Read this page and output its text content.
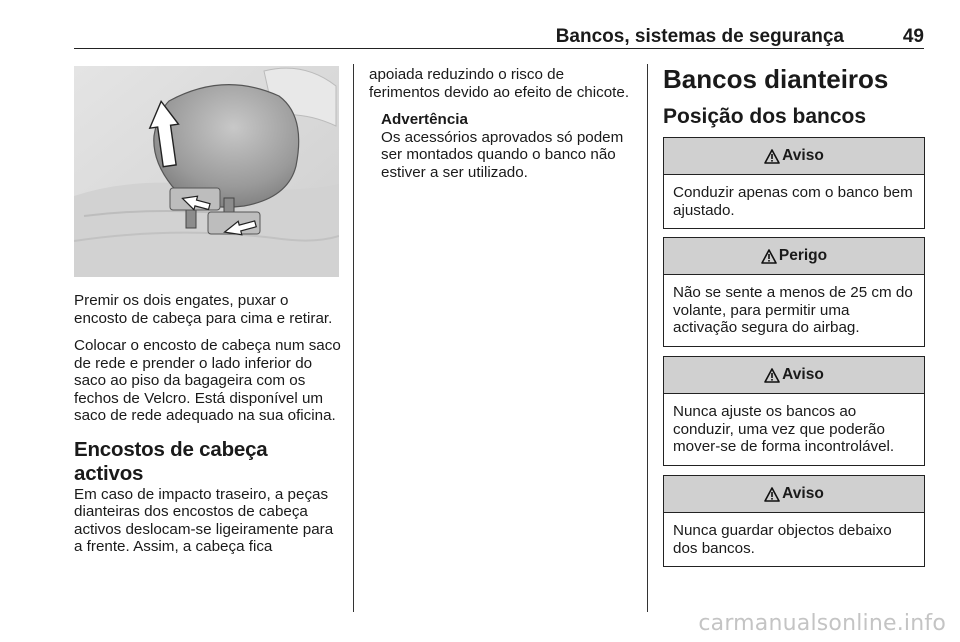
Bancos, sistemas de segurança	49

Premir os dois engates, puxar o encosto de cabeça para cima e retirar.

Colocar o encosto de cabeça num saco de rede e prender o lado inferior do saco ao piso da bagageira com os fechos de Velcro. Está disponível um saco de rede adequado na sua oficina.

Encostos de cabeça activos

Em caso de impacto traseiro, a peças dianteiras dos encostos de cabeça activos deslocam-se ligeiramente para a frente. Assim, a cabeça fica

apoiada reduzindo o risco de ferimentos devido ao efeito de chicote.

Advertência

Os acessórios aprovados só podem ser montados quando o banco não estiver a ser utilizado.

Bancos dianteiros
Posição dos bancos
Aviso
Conduzir apenas com o banco bem ajustado.
Perigo
Não se sente a menos de 25 cm do volante, para permitir uma activação segura do airbag.
Aviso
Nunca ajuste os bancos ao conduzir, uma vez que poderão mover-se de forma incontrolável.
Aviso
Nunca guardar objectos debaixo dos bancos.
carmanualsonline.info
